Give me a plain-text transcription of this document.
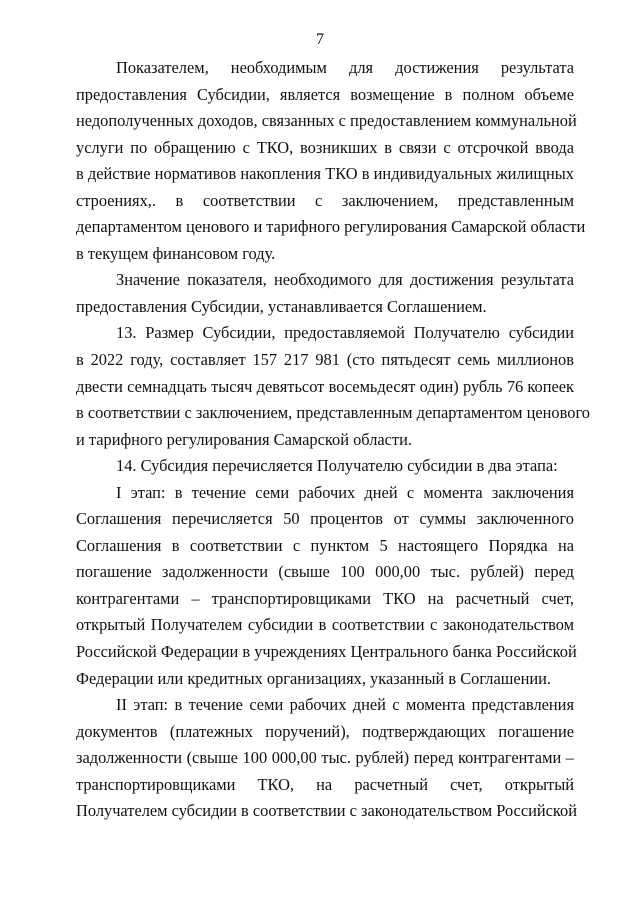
7

Показателем, необходимым для достижения результата
предоставления Субсидии, является возмещение в полном объеме
недополученных доходов, связанных с предоставлением коммунальной
услуги по обращению с ТКО, возникших в связи с отсрочкой ввода
в действие нормативов накопления ТКО в индивидуальных жилищных
строениях,. в соответствии с заключением, представленным
департаментом ценового и тарифного регулирования Самарской области
в текущем финансовом году.

Значение показателя, необходимого для достижения результата
предоставления Субсидии, устанавливается Соглашением.

13. Размер Субсидии, предоставляемой Получателю субсидии
в 2022 году, составляет 157 217 981 (сто пятьдесят семь миллионов
двести семнадцать тысяч девятьсот восемьдесят один) рубль 76 копеек
в соответствии с заключением, представленным департаментом ценового
и тарифного регулирования Самарской области.

14. Субсидия перечисляется Получателю субсидии в два этапа:

I этап: в течение семи рабочих дней с момента заключения
Соглашения перечисляется 50 процентов от суммы заключенного
Соглашения в соответствии с пунктом 5 настоящего Порядка на
погашение задолженности (свыше 100 000,00 тыс. рублей) перед
контрагентами – транспортировщиками ТКО на расчетный счет,
открытый Получателем субсидии в соответствии с законодательством
Российской Федерации в учреждениях Центрального банка Российской
Федерации или кредитных организациях, указанный в Соглашении.

II этап: в течение семи рабочих дней с момента представления
документов (платежных поручений), подтверждающих погашение
задолженности (свыше 100 000,00 тыс. рублей) перед контрагентами –
транспортировщиками ТКО, на расчетный счет, открытый
Получателем субсидии в соответствии с законодательством Российской
